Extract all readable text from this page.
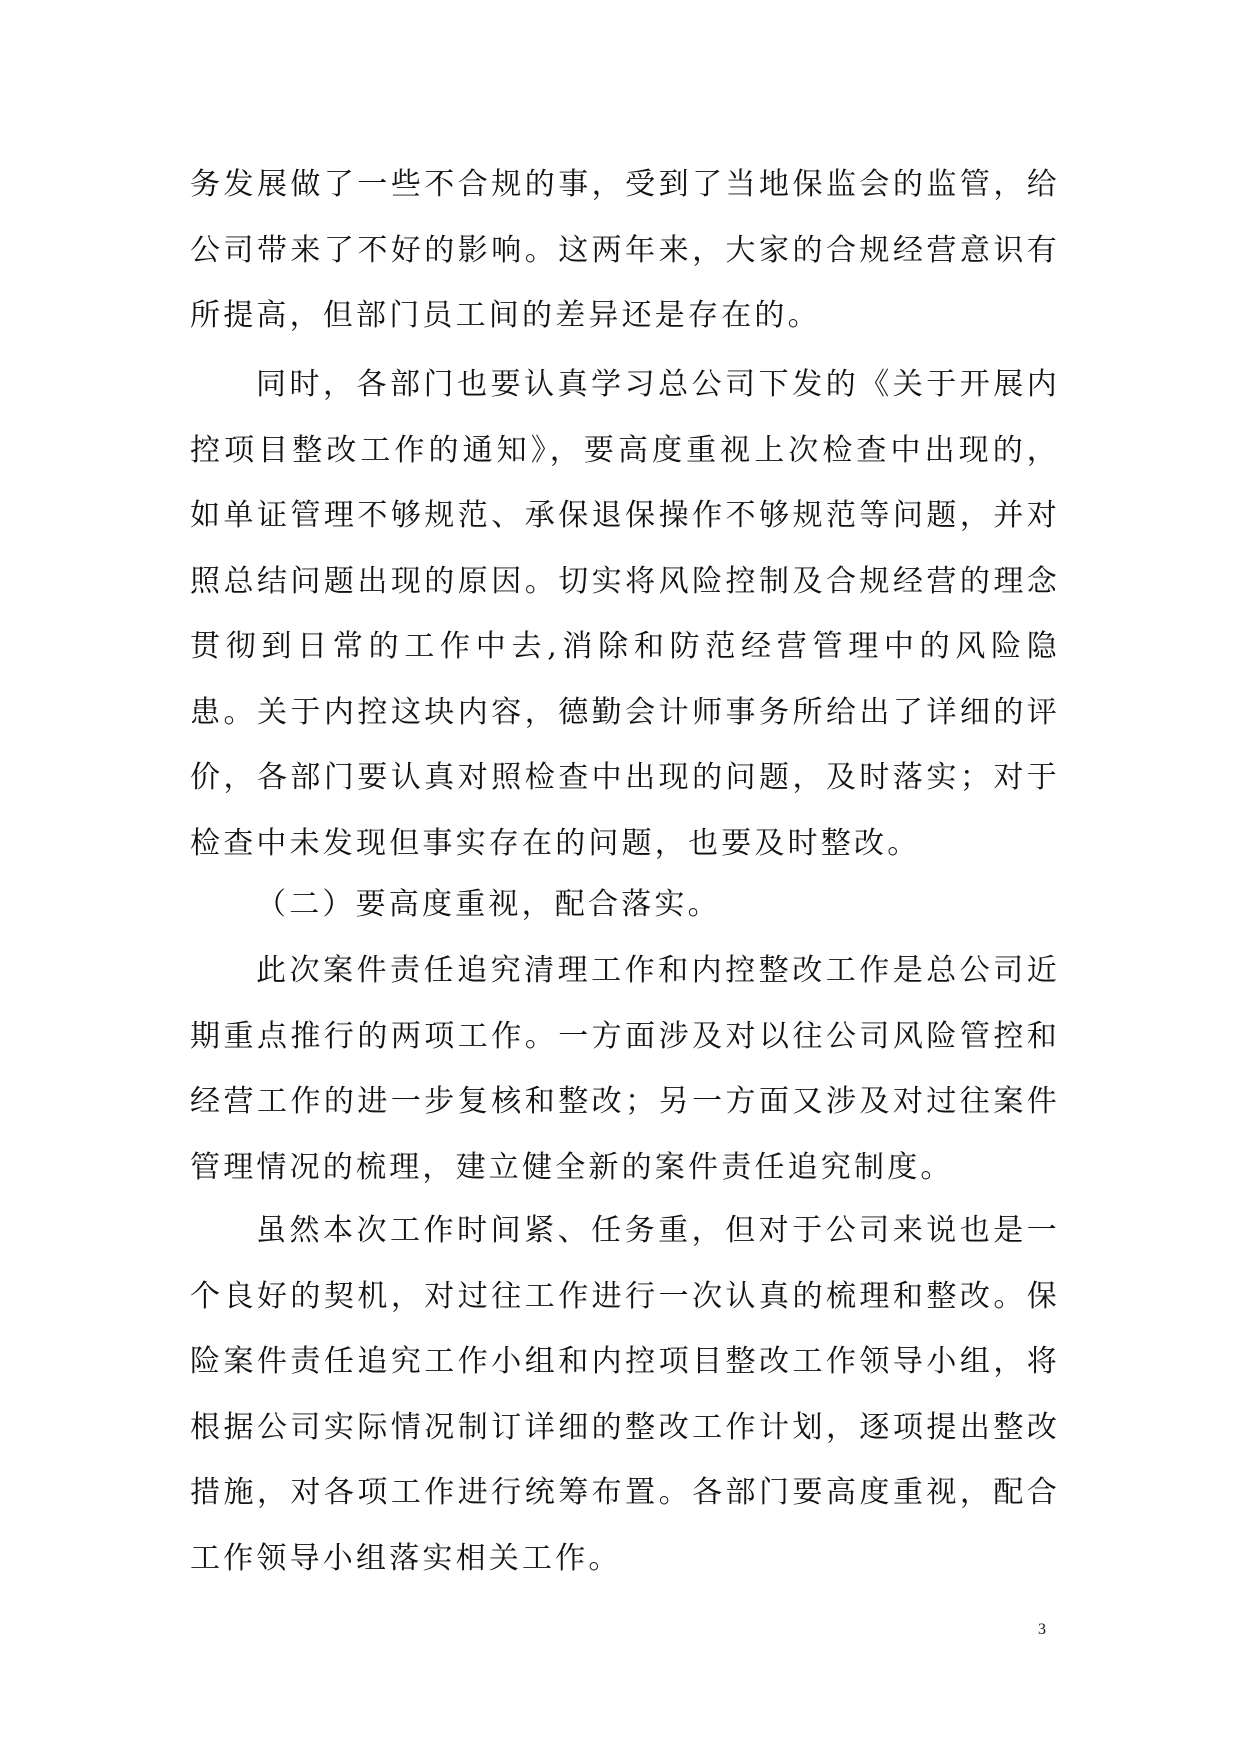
务发展做了一些不合规的事，受到了当地保监会的监管，给公司带来了不好的影响。这两年来，大家的合规经营意识有所提高，但部门员工间的差异还是存在的。

同时，各部门也要认真学习总公司下发的《关于开展内控项目整改工作的通知》，要高度重视上次检查中出现的，如单证管理不够规范、承保退保操作不够规范等问题，并对照总结问题出现的原因。切实将风险控制及合规经营的理念贯彻到日常的工作中去,消除和防范经营管理中的风险隐患。关于内控这块内容，德勤会计师事务所给出了详细的评价，各部门要认真对照检查中出现的问题，及时落实；对于检查中未发现但事实存在的问题，也要及时整改。

（二）要高度重视，配合落实。

此次案件责任追究清理工作和内控整改工作是总公司近期重点推行的两项工作。一方面涉及对以往公司风险管控和经营工作的进一步复核和整改；另一方面又涉及对过往案件管理情况的梳理，建立健全新的案件责任追究制度。

虽然本次工作时间紧、任务重，但对于公司来说也是一个良好的契机，对过往工作进行一次认真的梳理和整改。保险案件责任追究工作小组和内控项目整改工作领导小组，将根据公司实际情况制订详细的整改工作计划，逐项提出整改措施，对各项工作进行统筹布置。各部门要高度重视，配合工作领导小组落实相关工作。

3
